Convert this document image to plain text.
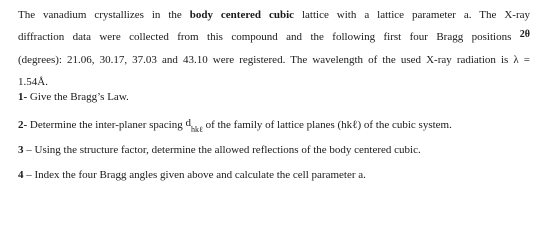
The vanadium crystallizes in the body centered cubic lattice with a lattice parameter a. The X-ray
diffraction data were collected from this compound and the following first four Bragg positions 2θ
(degrees): 21.06, 30.17, 37.03 and 43.10 were registered. The wavelength of the used X-ray radiation is λ =
1.54Å.

1- Give the Bragg’s Law.

2- Determine the inter-planer spacing $d_{hk\ell}$ of the family of lattice planes (hkℓ) of the cubic system.

3 – Using the structure factor, determine the allowed reflections of the body centered cubic.

4 – Index the four Bragg angles given above and calculate the cell parameter a.
